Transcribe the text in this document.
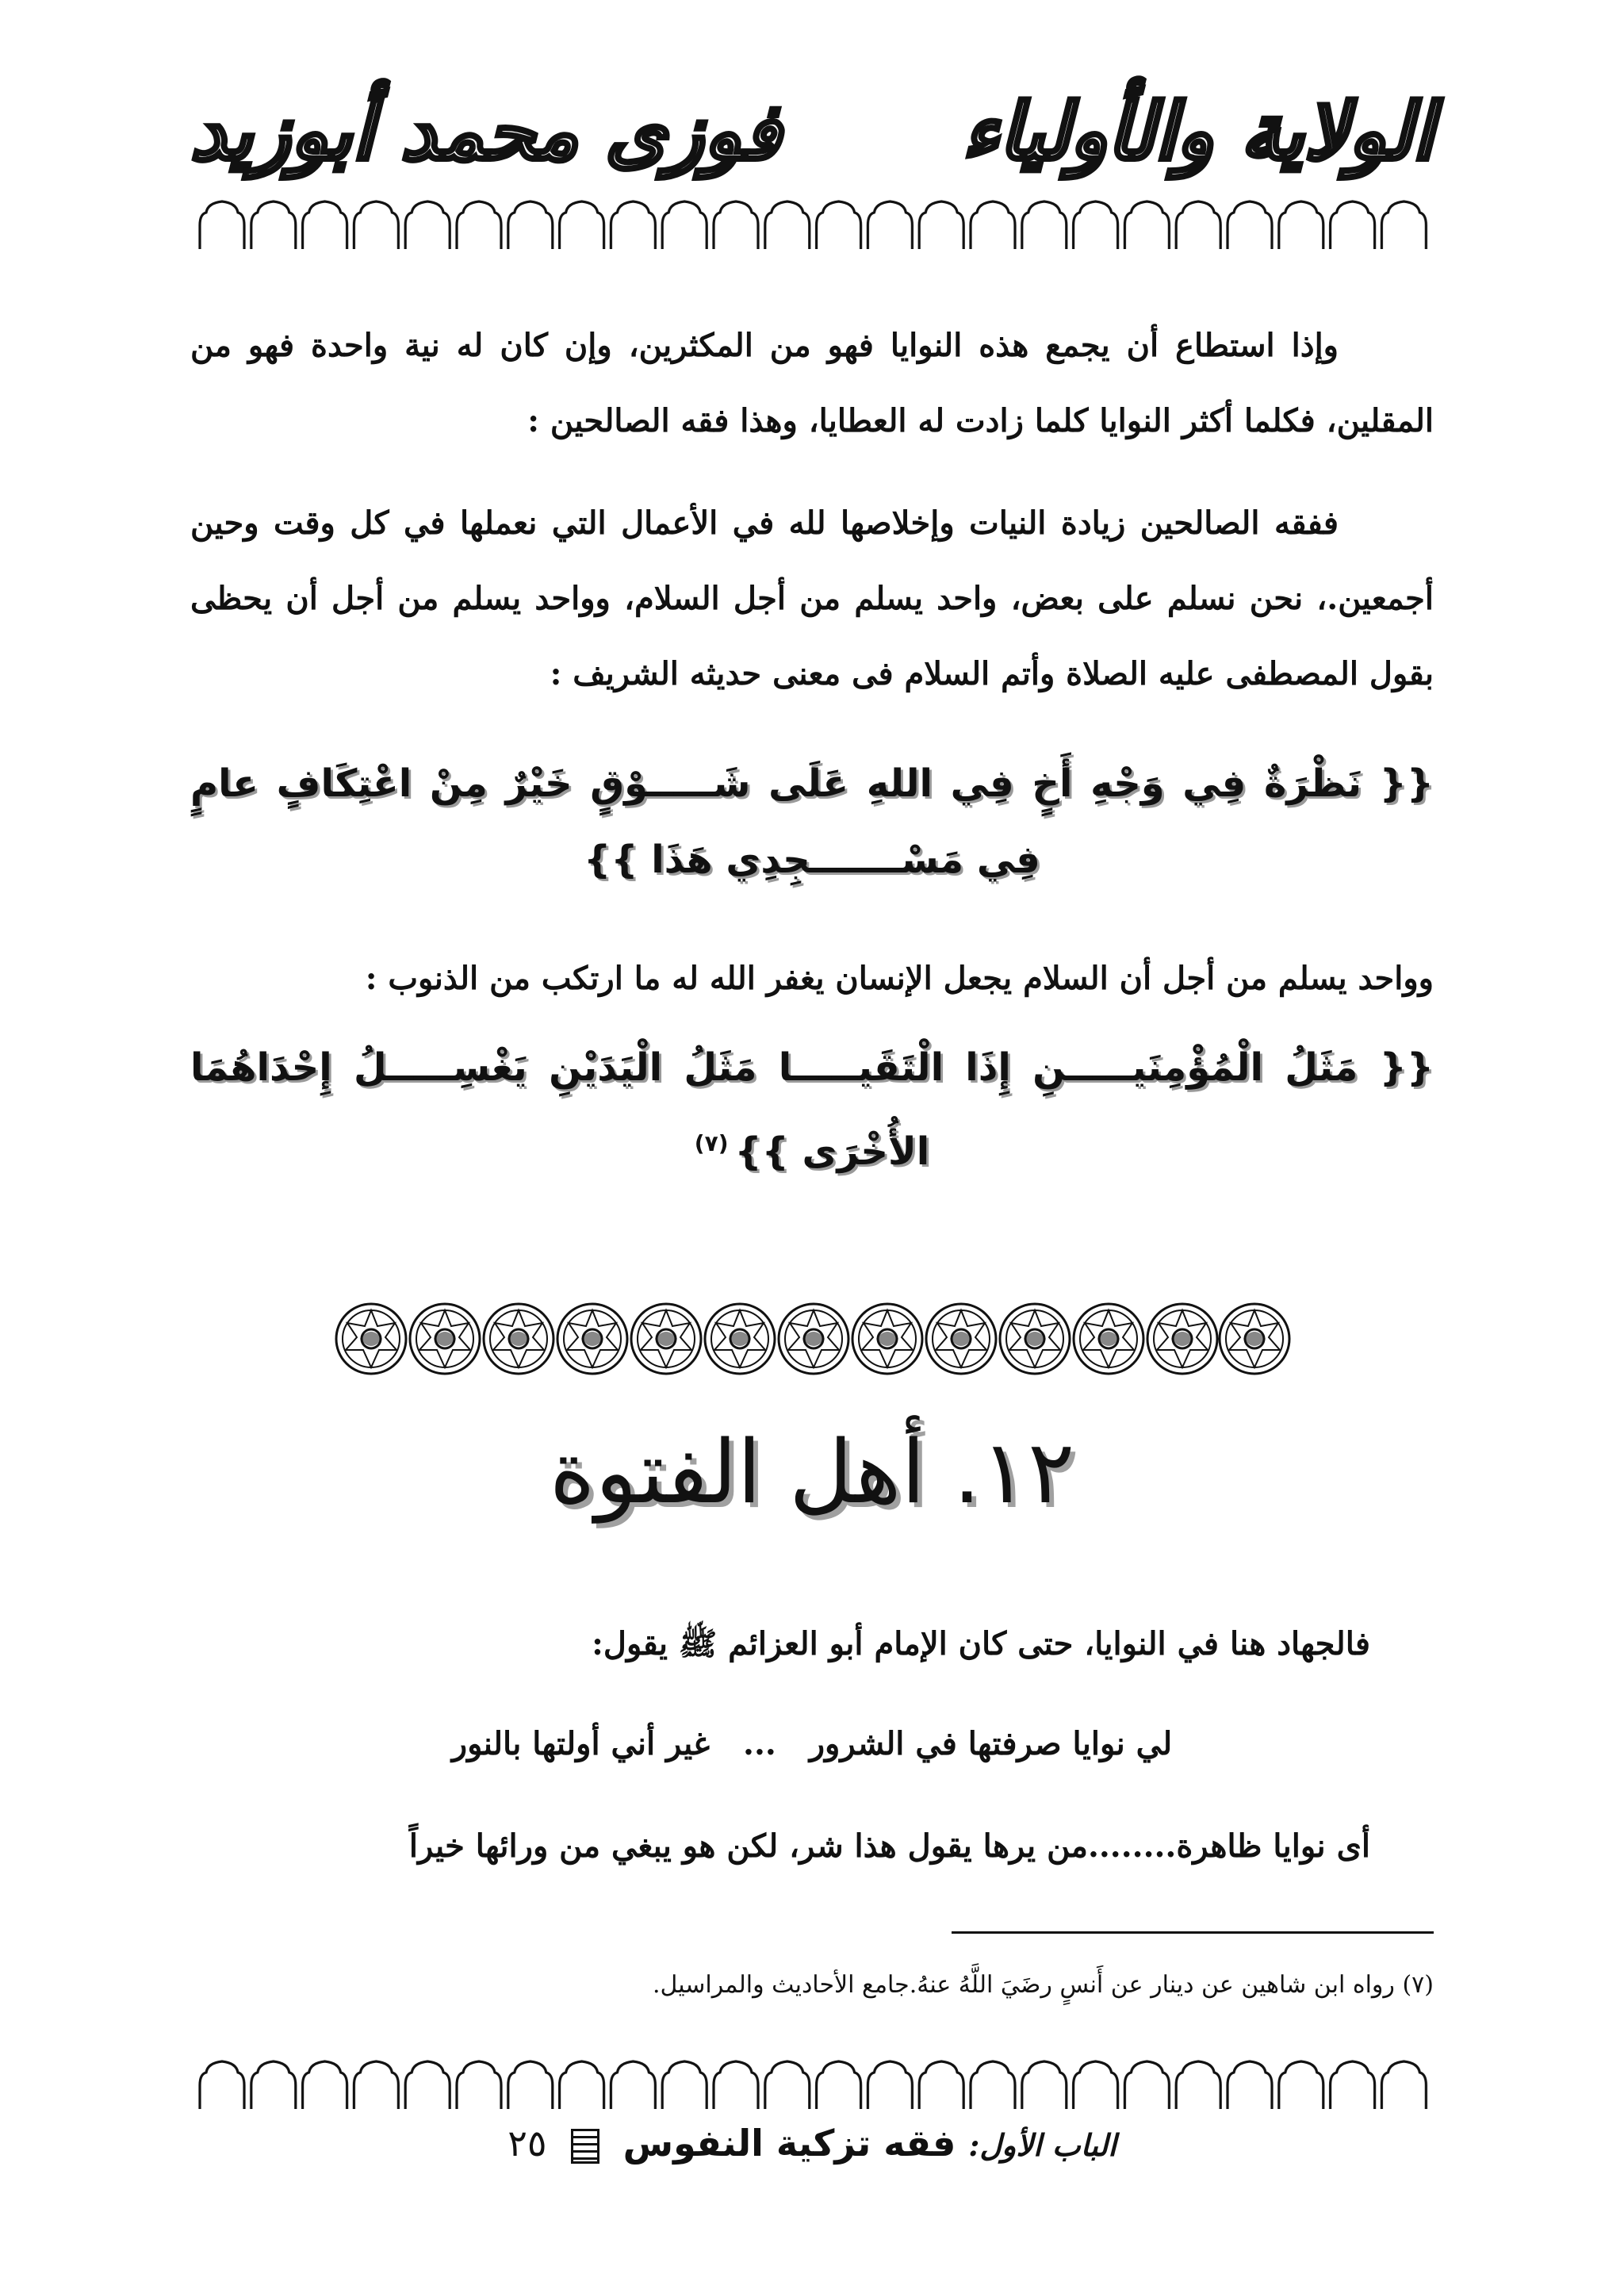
الولاية والأولياء
فوزى محمد أبوزيد
وإذا استطاع أن يجمع هذه النوايا فهو من المكثرين، وإن كان له نية واحدة فهو من المقلين، فكلما أكثر النوايا كلما زادت له العطايا، وهذا فقه الصالحين :
ففقه الصالحين زيادة النيات وإخلاصها لله في الأعمال التي نعملها في كل وقت وحين أجمعين.، نحن نسلم على بعض، واحد يسلم من أجل السلام، وواحد يسلم من أجل أن يحظى بقول المصطفى عليه الصلاة وأتم السلام فى معنى حديثه الشريف :
{{ نَظْرَةٌ فِي وَجْهِ أَخٍ فِي اللهِ عَلَى شَـــــوْقٍ خَيْرٌ مِنْ اعْتِكَافٍ عامٍ
فِي مَسْـــــــجِدِي هَذَا }}
وواحد يسلم من أجل أن السلام يجعل الإنسان يغفر الله له ما ارتكب من الذنوب :
{{ مَثَلُ الْمُؤْمِنَيـــــنِ إِذَا الْتَقَيـــــا مَثَلُ الْيَدَيْنِ يَغْسِـــــلُ إِحْدَاهُمَا
الأُخْرَى }}$^{(٧)}$
١٢. أهل الفتوة
فالجهاد هنا في النوايا، حتى كان الإمام أبو العزائم ﷺ يقول:
لي نوايا صرفتها في الشرور ... غير أني أولتها بالنور
أى نوايا ظاهرة........من يرها يقول هذا شر، لكن هو يبغي من ورائها خيراً
(٧) رواه ابن شاهين عن دينار عن أَنسٍ رضَيَ اللَّهُ عنهُ.جامع الأحاديث والمراسيل.
الباب الأول: فقه تزكية النفوس  ٢٥
